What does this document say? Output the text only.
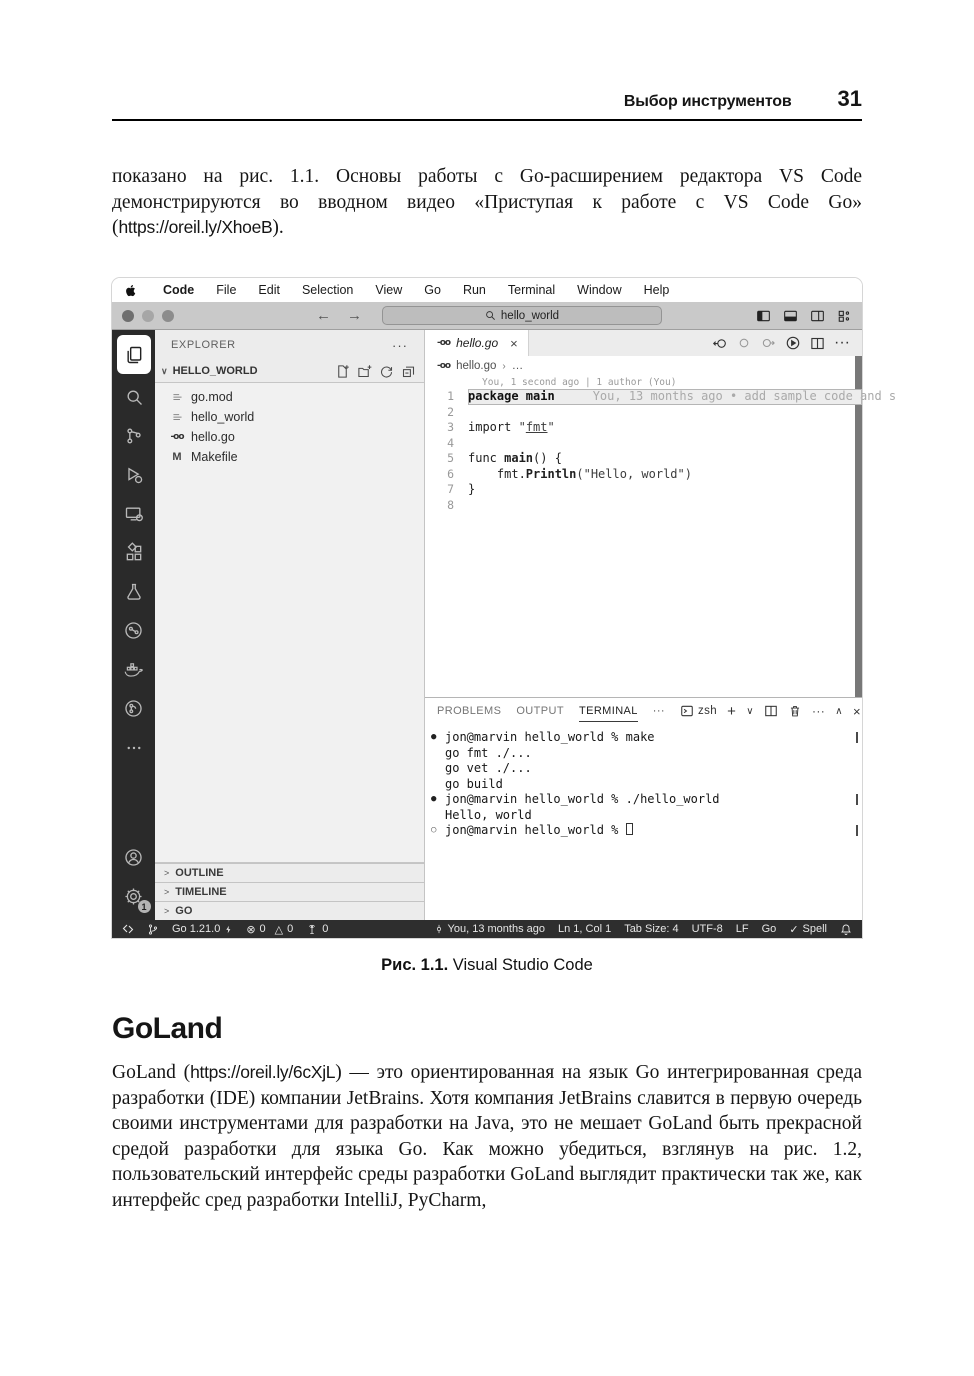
Выбор инструментов 31

показано на рис. 1.1. Основы работы с Go-расширением редактора VS Code демонстрируются во вводном видео «Приступая к работе с VS Code Go» (https://oreil.ly/XhoeB).

Code	File	Edit	Selection	View	Go	Run	Terminal	Window	Help
← →	hello_world
1
EXPLORER	···
∨ HELLO_WORLD
go.mod
hello_world
-oo hello.go
M Makefile
> OUTLINE
> TIMELINE
> GO
-oo hello.go ×	···
-oo hello.go › …
You, 1 second ago | 1 author (You)
1	package main	You, 13 months ago • add sample code and s
2
3	import "fmt"
4
5	func main() {
6	fmt.Println("Hello, world")
7	}
8
PROBLEMS OUTPUT TERMINAL ···	zsh + ∨	··· ∧ ×
● jon@marvin hello_world % make
go fmt ./...
go vet ./...
go build
● jon@marvin hello_world % ./hello_world
Hello, world
○ jon@marvin hello_world %
Go 1.21.0 ⊗ 0 △ 0	0	You, 13 months ago Ln 1, Col 1 Tab Size: 4 UTF-8 LF Go ✓ Spell

Рис. 1.1. Visual Studio Code

GoLand

GoLand (https://oreil.ly/6cXjL) — это ориентированная на язык Go интегрированная среда разработки (IDE) компании JetBrains. Хотя компания JetBrains славится в первую очередь своими инструментами для разработки на Java, это не мешает GoLand быть прекрасной средой разработки для языка Go. Как можно убедиться, взглянув на рис. 1.2, пользовательский интерфейс среды разработки GoLand выглядит практически так же, как интерфейс сред разработки IntelliJ, PyCharm,
